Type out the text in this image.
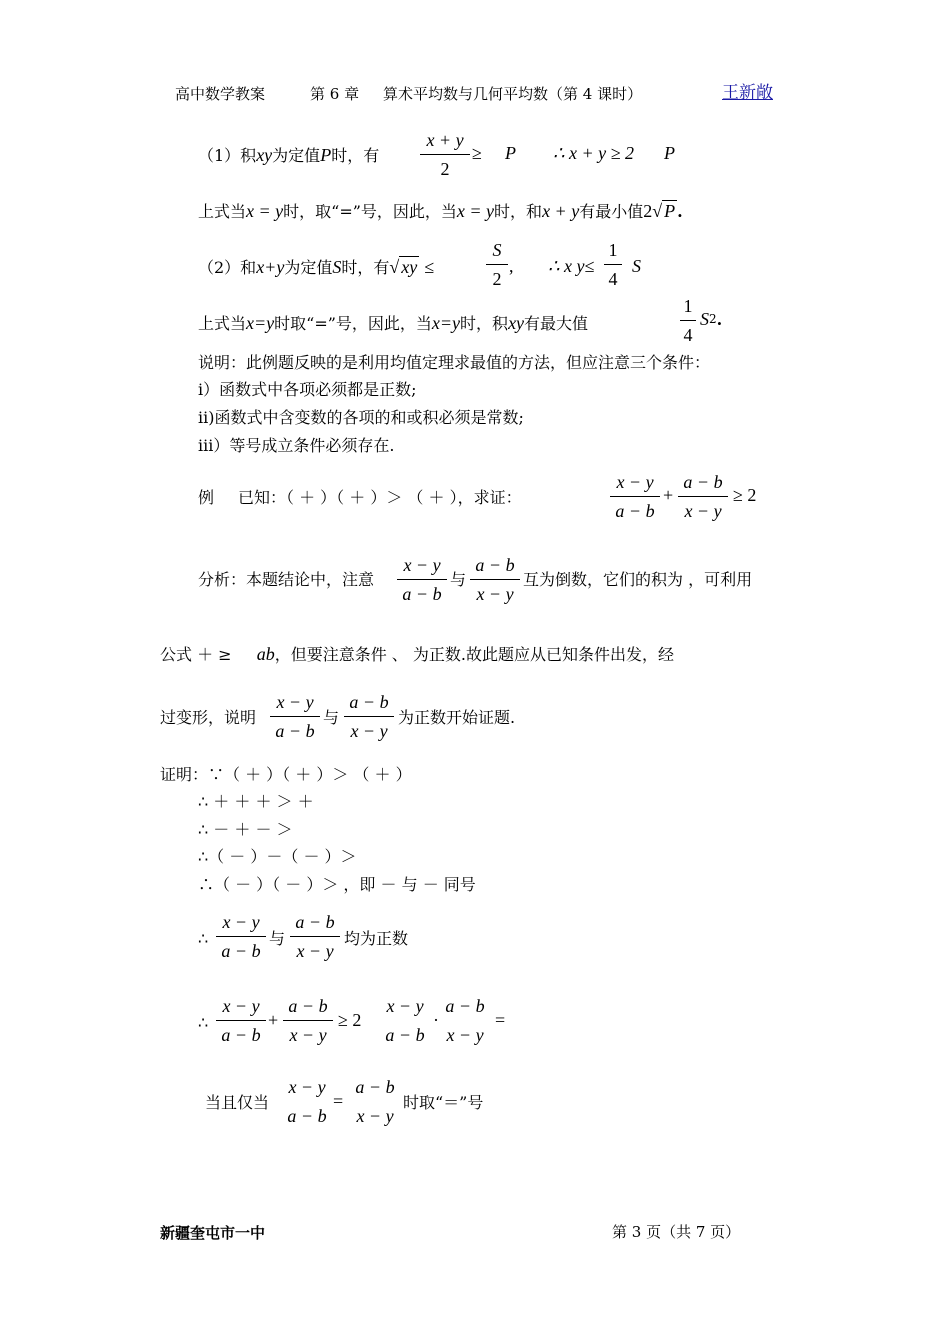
高中数学教案	第 6 章 算术平均数与几何平均数（第 4 课时）	王新敞
（1）积xy为定值P时，有
x + y
2
≥ P ∴ x + y ≥ 2 P
上式当x = y时，取“=”号，因此，当x = y时，和x + y有最小值2√ P .
（2）和x+y为定值S时，有√ xy ≤
S
2
, ∴ x y≤
1
4
S
上式当x=y时取“=”号，因此，当x=y时，积xy有最大值
1
4
S2.
说明：此例题反映的是利用均值定理求最值的方法，但应注意三个条件：
ⅰ）函数式中各项必须都是正数;
ⅱ)函数式中含变数的各项的和或积必须是常数;
ⅲ）等号成立条件必须存在.
例 已知：（ ＋ ）（ ＋ ）＞ （ ＋ ），求证：
x − y
a − b
+
a − b
x − y
≥ 2
分析：本题结论中，注意
x − y
a − b
与
a − b
x − y
互为倒数，它们的积为 ，可利用
公式 ＋ ≥ ab，但要注意条件 、 为正数.故此题应从已知条件出发，经
过变形，说明
x − y
a − b
与
a − b
x − y
为正数开始证题.
证明：∵（ ＋ ）（ ＋ ）＞ （ ＋ ）
∴ ＋ ＋ ＋ ＞ ＋
∴ － ＋ － ＞
∴（ － ）－（ － ）＞
∴（ － ）（ － ）＞ ，即 － 与 － 同号
∴
x − y
a − b
与
a − b
x − y
均为正数
∴
x − y
a − b
+
a − b
x − y
≥ 2
x − y
a − b
·
a − b
x − y
=
当且仅当
x − y
a − b
=
a − b
x − y
时取“＝”号
新疆奎屯市一中	第 3 页（共 7 页）
